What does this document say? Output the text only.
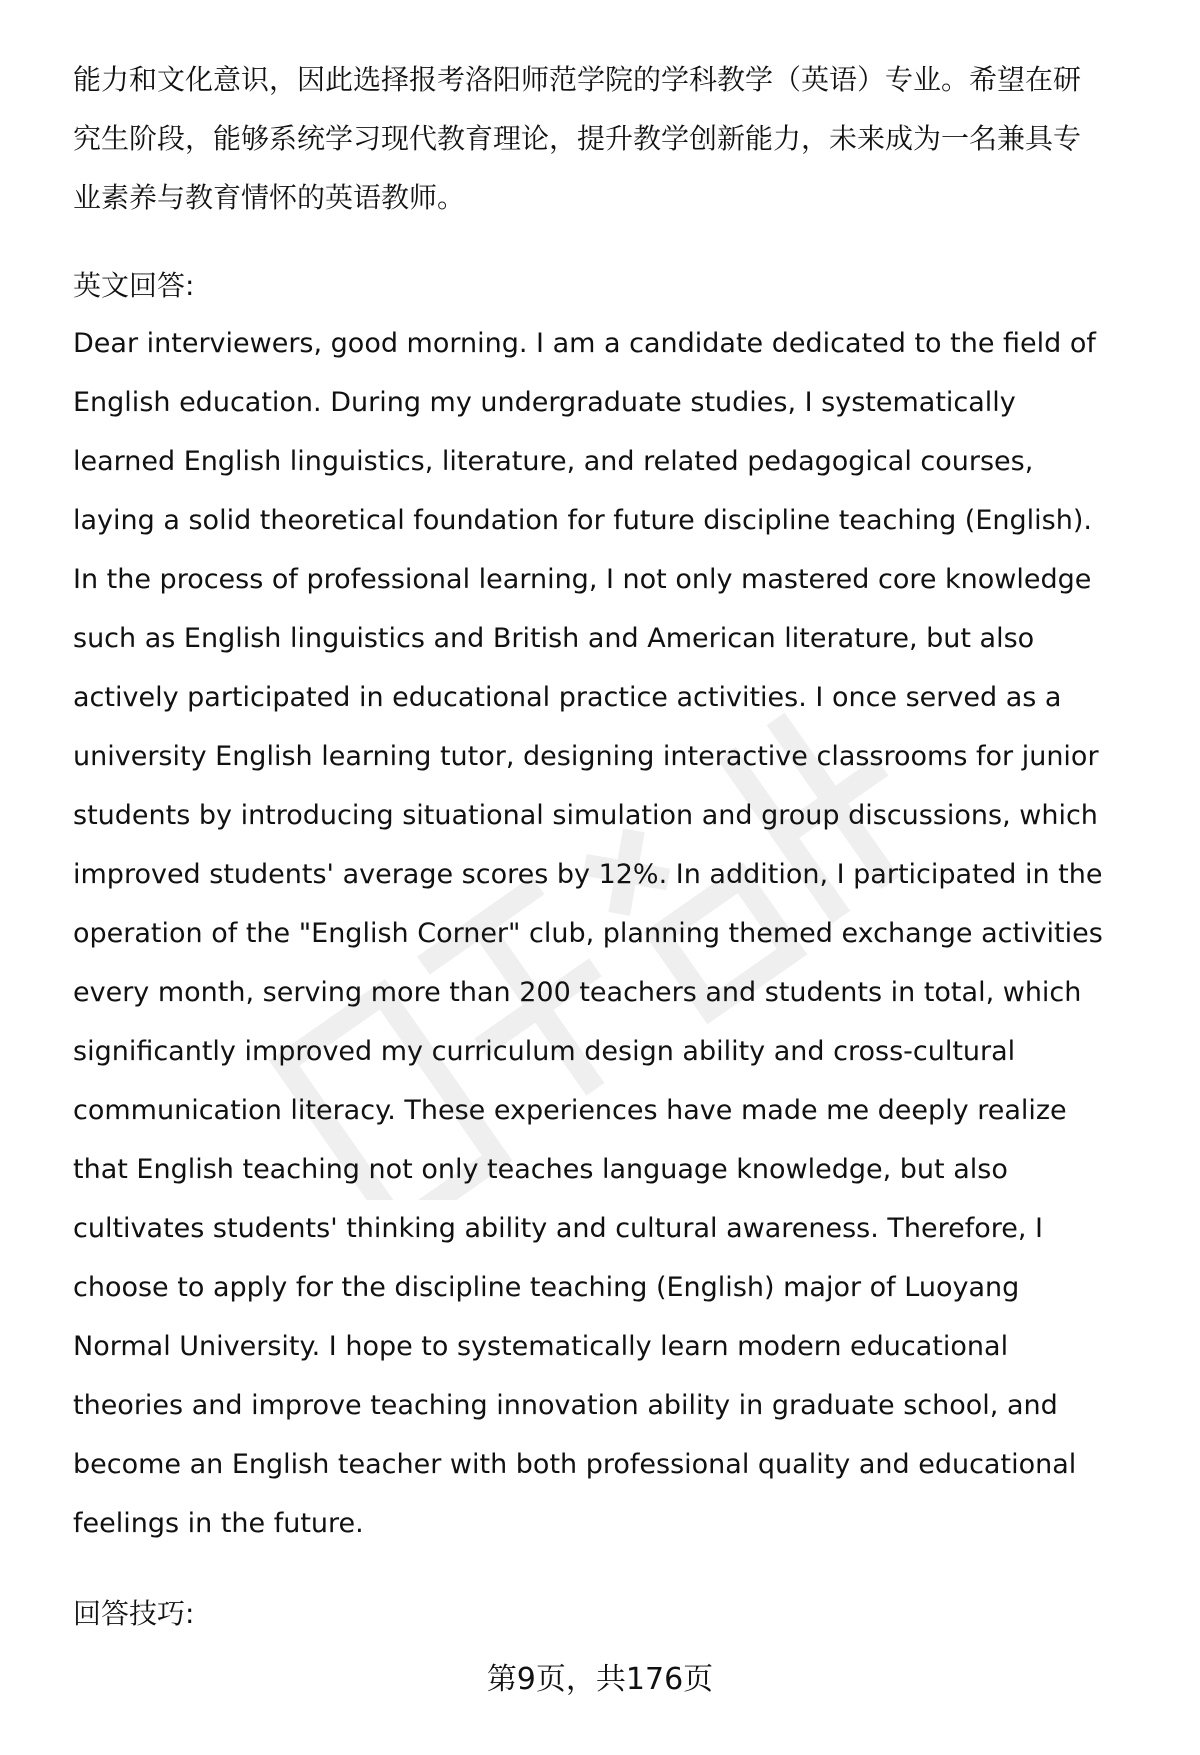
能力和文化意识，因此选择报考洛阳师范学院的学科教学（英语）专业。希望在研
究生阶段，能够系统学习现代教育理论，提升教学创新能力，未来成为一名兼具专
业素养与教育情怀的英语教师。
英文回答:
Dear interviewers, good morning. I am a candidate dedicated to the field of
English education. During my undergraduate studies, I systematically
learned English linguistics, literature, and related pedagogical courses,
laying a solid theoretical foundation for future discipline teaching (English).
In the process of professional learning, I not only mastered core knowledge
such as English linguistics and British and American literature, but also
actively participated in educational practice activities. I once served as a
university English learning tutor, designing interactive classrooms for junior
students by introducing situational simulation and group discussions, which
improved students' average scores by 12%. In addition, I participated in the
operation of the "English Corner" club, planning themed exchange activities
every month, serving more than 200 teachers and students in total, which
significantly improved my curriculum design ability and cross-cultural
communication literacy. These experiences have made me deeply realize
that English teaching not only teaches language knowledge, but also
cultivates students' thinking ability and cultural awareness. Therefore, I
choose to apply for the discipline teaching (English) major of Luoyang
Normal University. I hope to systematically learn modern educational
theories and improve teaching innovation ability in graduate school, and
become an English teacher with both professional quality and educational
feelings in the future.
回答技巧:
第9页，共176页
